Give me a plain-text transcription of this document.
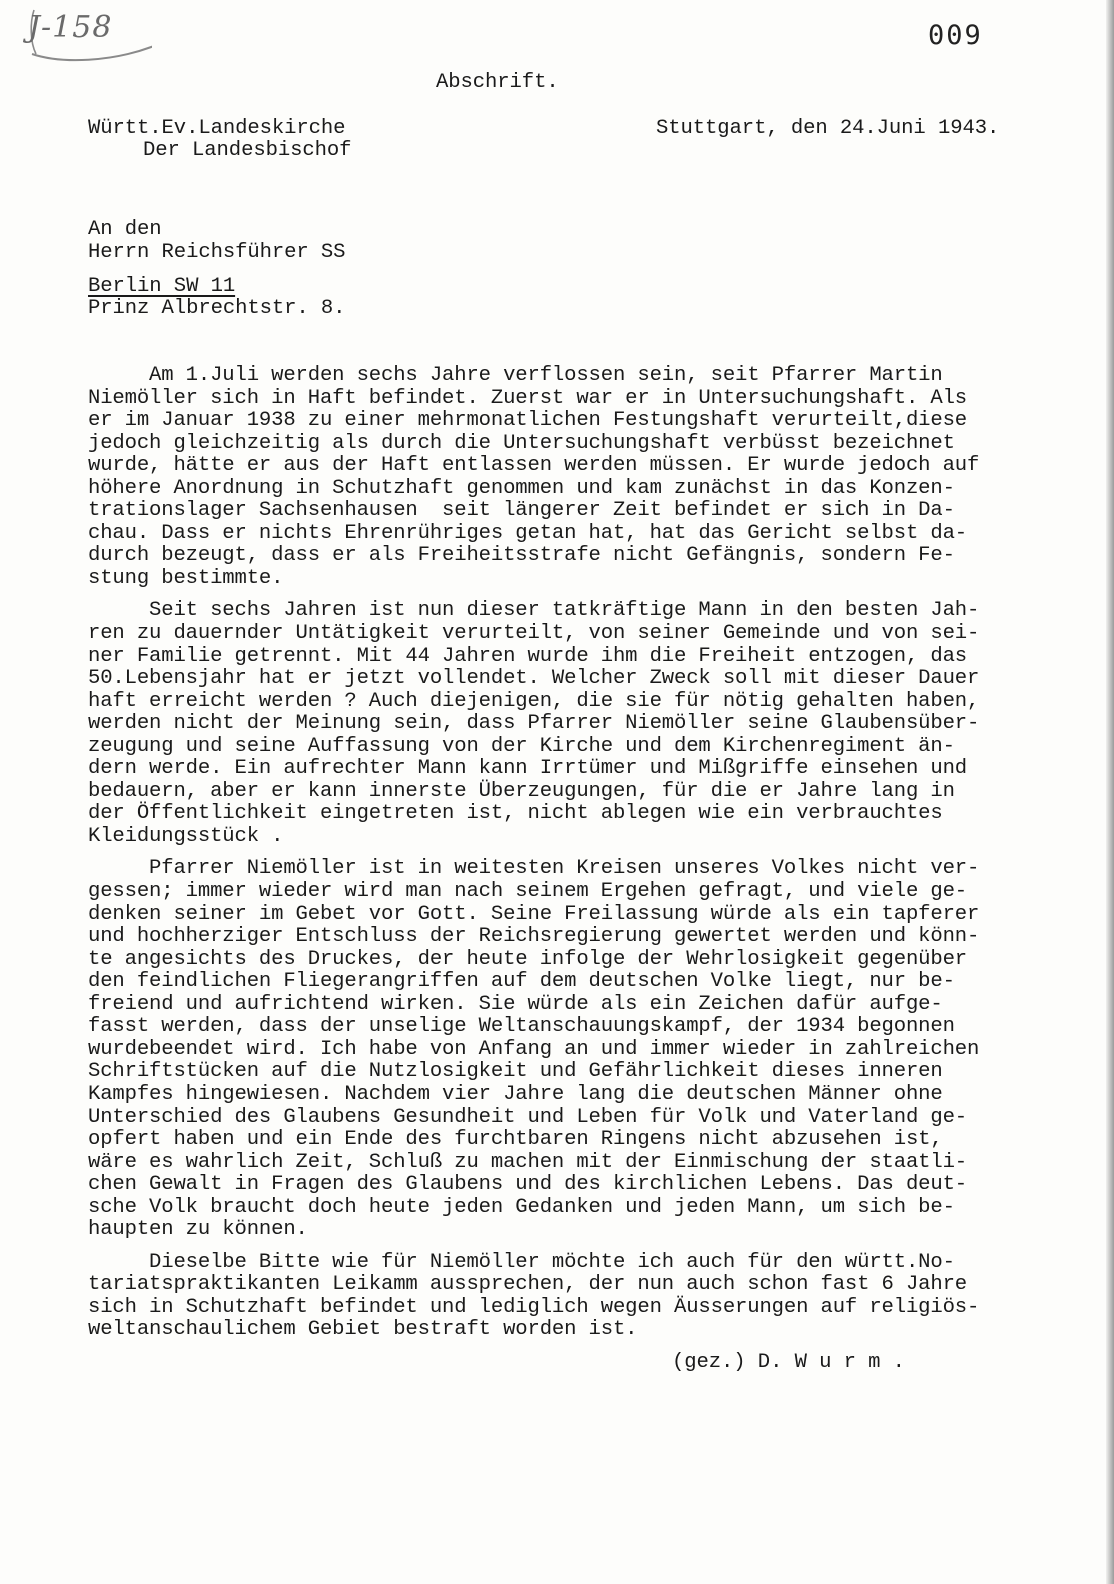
J-158	009
Abschrift.
Württ.Ev.Landeskirche
Der Landesbischof
Stuttgart, den 24.Juni 1943.
An den
Herrn Reichsführer SS
Berlin SW 11
Prinz Albrechtstr. 8.
Am 1.Juli werden sechs Jahre verflossen sein, seit Pfarrer Martin
Niemöller sich in Haft befindet. Zuerst war er in Untersuchungshaft. Als
er im Januar 1938 zu einer mehrmonatlichen Festungshaft verurteilt,diese
jedoch gleichzeitig als durch die Untersuchungshaft verbüsst bezeichnet
wurde, hätte er aus der Haft entlassen werden müssen. Er wurde jedoch auf
höhere Anordnung in Schutzhaft genommen und kam zunächst in das Konzen-
trationslager Sachsenhausen  seit längerer Zeit befindet er sich in Da-
chau. Dass er nichts Ehrenrühriges getan hat, hat das Gericht selbst da-
durch bezeugt, dass er als Freiheitsstrafe nicht Gefängnis, sondern Fe-
stung bestimmte.
Seit sechs Jahren ist nun dieser tatkräftige Mann in den besten Jah-
ren zu dauernder Untätigkeit verurteilt, von seiner Gemeinde und von sei-
ner Familie getrennt. Mit 44 Jahren wurde ihm die Freiheit entzogen, das
50.Lebensjahr hat er jetzt vollendet. Welcher Zweck soll mit dieser Dauer
haft erreicht werden ? Auch diejenigen, die sie für nötig gehalten haben,
werden nicht der Meinung sein, dass Pfarrer Niemöller seine Glaubensüber-
zeugung und seine Auffassung von der Kirche und dem Kirchenregiment än-
dern werde. Ein aufrechter Mann kann Irrtümer und Mißgriffe einsehen und
bedauern, aber er kann innerste Überzeugungen, für die er Jahre lang in
der Öffentlichkeit eingetreten ist, nicht ablegen wie ein verbrauchtes
Kleidungsstück .
Pfarrer Niemöller ist in weitesten Kreisen unseres Volkes nicht ver-
gessen; immer wieder wird man nach seinem Ergehen gefragt, und viele ge-
denken seiner im Gebet vor Gott. Seine Freilassung würde als ein tapferer
und hochherziger Entschluss der Reichsregierung gewertet werden und könn-
te angesichts des Druckes, der heute infolge der Wehrlosigkeit gegenüber
den feindlichen Fliegerangriffen auf dem deutschen Volke liegt, nur be-
freiend und aufrichtend wirken. Sie würde als ein Zeichen dafür aufge-
fasst werden, dass der unselige Weltanschauungskampf, der 1934 begonnen
wurdebeendet wird. Ich habe von Anfang an und immer wieder in zahlreichen
Schriftstücken auf die Nutzlosigkeit und Gefährlichkeit dieses inneren
Kampfes hingewiesen. Nachdem vier Jahre lang die deutschen Männer ohne
Unterschied des Glaubens Gesundheit und Leben für Volk und Vaterland ge-
opfert haben und ein Ende des furchtbaren Ringens nicht abzusehen ist,
wäre es wahrlich Zeit, Schluß zu machen mit der Einmischung der staatli-
chen Gewalt in Fragen des Glaubens und des kirchlichen Lebens. Das deut-
sche Volk braucht doch heute jeden Gedanken und jeden Mann, um sich be-
haupten zu können.
Dieselbe Bitte wie für Niemöller möchte ich auch für den württ.No-
tariatspraktikanten Leikamm aussprechen, der nun auch schon fast 6 Jahre
sich in Schutzhaft befindet und lediglich wegen Äusserungen auf religiös-
weltanschaulichem Gebiet bestraft worden ist.
(gez.) D. W u r m .
